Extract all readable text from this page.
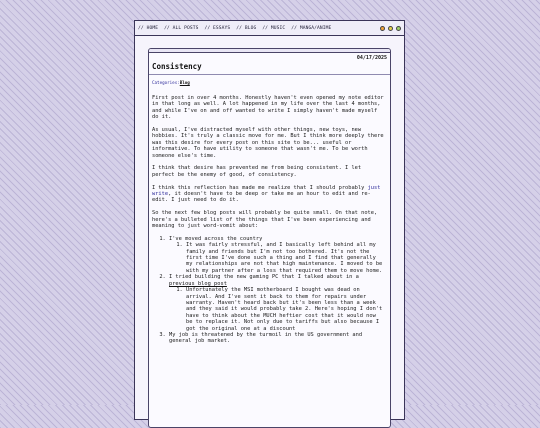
// HOME // ALL POSTS // ESSAYS // BLOG // MUSIC // MANGA/ANIME
04/17/2025
Consistency
Categories:Blog

First post in over 4 months. Honestly haven't even opened my note editor in that long as well. A lot happened in my life over the last 4 months, and while I've on and off wanted to write I simply haven't made myself do it.

As usual, I've distracted myself with other things, new toys, new hobbies. It's truly a classic move for me. But I think more deeply there was this desire for every post on this site to be... useful or informative. To have utility to someone that wasn't me. To be worth someone else's time.

I think that desire has prevented me from being consistent. I let perfect be the enemy of good, of consistency.

I think this reflection has made me realize that I should probably just write, it doesn't have to be deep or take me an hour to edit and re-edit. I just need to do it.

So the next few blog posts will probably be quite small. On that note, here's a bulleted list of the things that I've been experiencing and meaning to just word-vomit about:

1. I've moved across the country
1. It was fairly stressful, and I basically left behind all my family and friends but I'm not too bothered. It's not the first time I've done such a thing and I find that generally my relationships are not that high maintenance. I moved to be with my partner after a loss that required them to move home.
2. I tried building the new gaming PC that I talked about in a previous blog post
1. Unfortunately the MSI motherboard I bought was dead on arrival. And I've sent it back to them for repairs under warranty. Haven't heard back but it's been less than a week and they said it would probably take 2. Here's hoping I don't have to think about the MUCH heftier cost that it would now be to replace it. Not only due to tariffs but also because I got the original one at a discount
3. My job is threatened by the turmoil in the US government and general job market.
